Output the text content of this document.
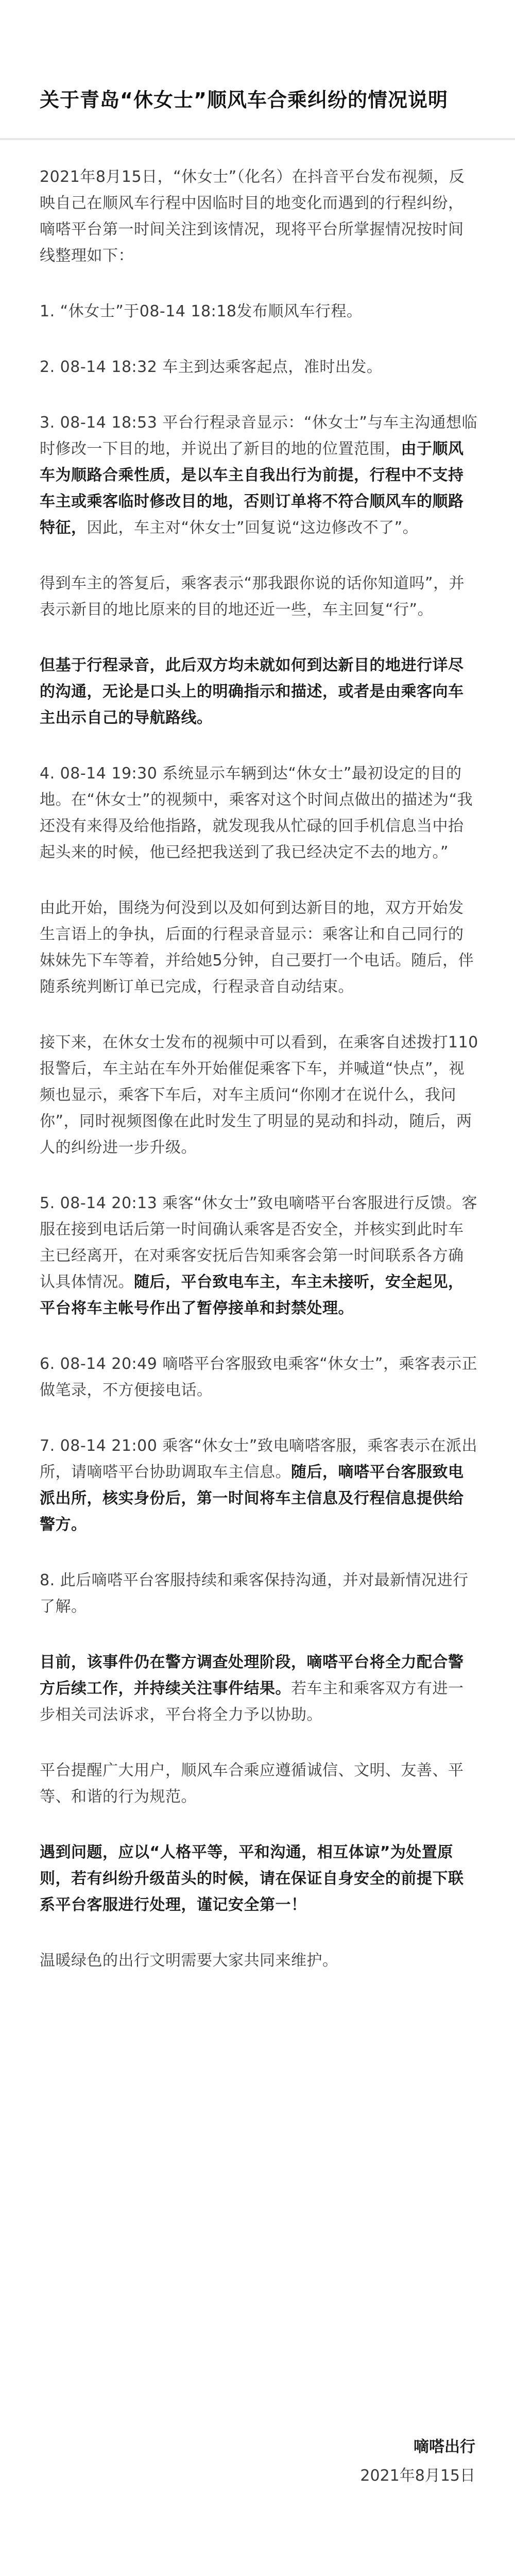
关于青岛“休女士”顺风车合乘纠纷的情况说明

2021年8月15日，“休女士”（化名）在抖音平台发布视频，反映自己在顺风车行程中因临时目的地变化而遇到的行程纠纷，嘀嗒平台第一时间关注到该情况，现将平台所掌握情况按时间线整理如下：

1. “休女士”于08-14 18:18发布顺风车行程。

2. 08-14 18:32 车主到达乘客起点，准时出发。

3. 08-14 18:53 平台行程录音显示：“休女士”与车主沟通想临时修改一下目的地，并说出了新目的地的位置范围，由于顺风车为顺路合乘性质，是以车主自我出行为前提，行程中不支持车主或乘客临时修改目的地，否则订单将不符合顺风车的顺路特征，因此，车主对“休女士”回复说“这边修改不了”。

得到车主的答复后，乘客表示“那我跟你说的话你知道吗”，并表示新目的地比原来的目的地还近一些，车主回复“行”。

但基于行程录音，此后双方均未就如何到达新目的地进行详尽的沟通，无论是口头上的明确指示和描述，或者是由乘客向车主出示自己的导航路线。

4. 08-14 19:30 系统显示车辆到达“休女士”最初设定的目的地。在“休女士”的视频中，乘客对这个时间点做出的描述为“我还没有来得及给他指路，就发现我从忙碌的回手机信息当中抬起头来的时候，他已经把我送到了我已经决定不去的地方。”

由此开始，围绕为何没到以及如何到达新目的地，双方开始发生言语上的争执，后面的行程录音显示：乘客让和自己同行的妹妹先下车等着，并给她5分钟，自己要打一个电话。随后，伴随系统判断订单已完成，行程录音自动结束。

接下来，在休女士发布的视频中可以看到，在乘客自述拨打110报警后，车主站在车外开始催促乘客下车，并喊道“快点”，视频也显示，乘客下车后，对车主质问“你刚才在说什么，我问你”，同时视频图像在此时发生了明显的晃动和抖动，随后，两人的纠纷进一步升级。

5. 08-14 20:13 乘客“休女士”致电嘀嗒平台客服进行反馈。客服在接到电话后第一时间确认乘客是否安全，并核实到此时车主已经离开，在对乘客安抚后告知乘客会第一时间联系各方确认具体情况。随后，平台致电车主，车主未接听，安全起见，平台将车主帐号作出了暂停接单和封禁处理。

6. 08-14 20:49 嘀嗒平台客服致电乘客“休女士”，乘客表示正做笔录，不方便接电话。

7. 08-14 21:00 乘客“休女士”致电嘀嗒客服，乘客表示在派出所，请嘀嗒平台协助调取车主信息。随后，嘀嗒平台客服致电派出所，核实身份后，第一时间将车主信息及行程信息提供给警方。

8. 此后嘀嗒平台客服持续和乘客保持沟通，并对最新情况进行了解。

目前，该事件仍在警方调查处理阶段，嘀嗒平台将全力配合警方后续工作，并持续关注事件结果。若车主和乘客双方有进一步相关司法诉求，平台将全力予以协助。

平台提醒广大用户，顺风车合乘应遵循诚信、文明、友善、平等、和谐的行为规范。

遇到问题，应以“人格平等，平和沟通，相互体谅”为处置原则，若有纠纷升级苗头的时候，请在保证自身安全的前提下联系平台客服进行处理，谨记安全第一！

温暖绿色的出行文明需要大家共同来维护。

嘀嗒出行
2021年8月15日
